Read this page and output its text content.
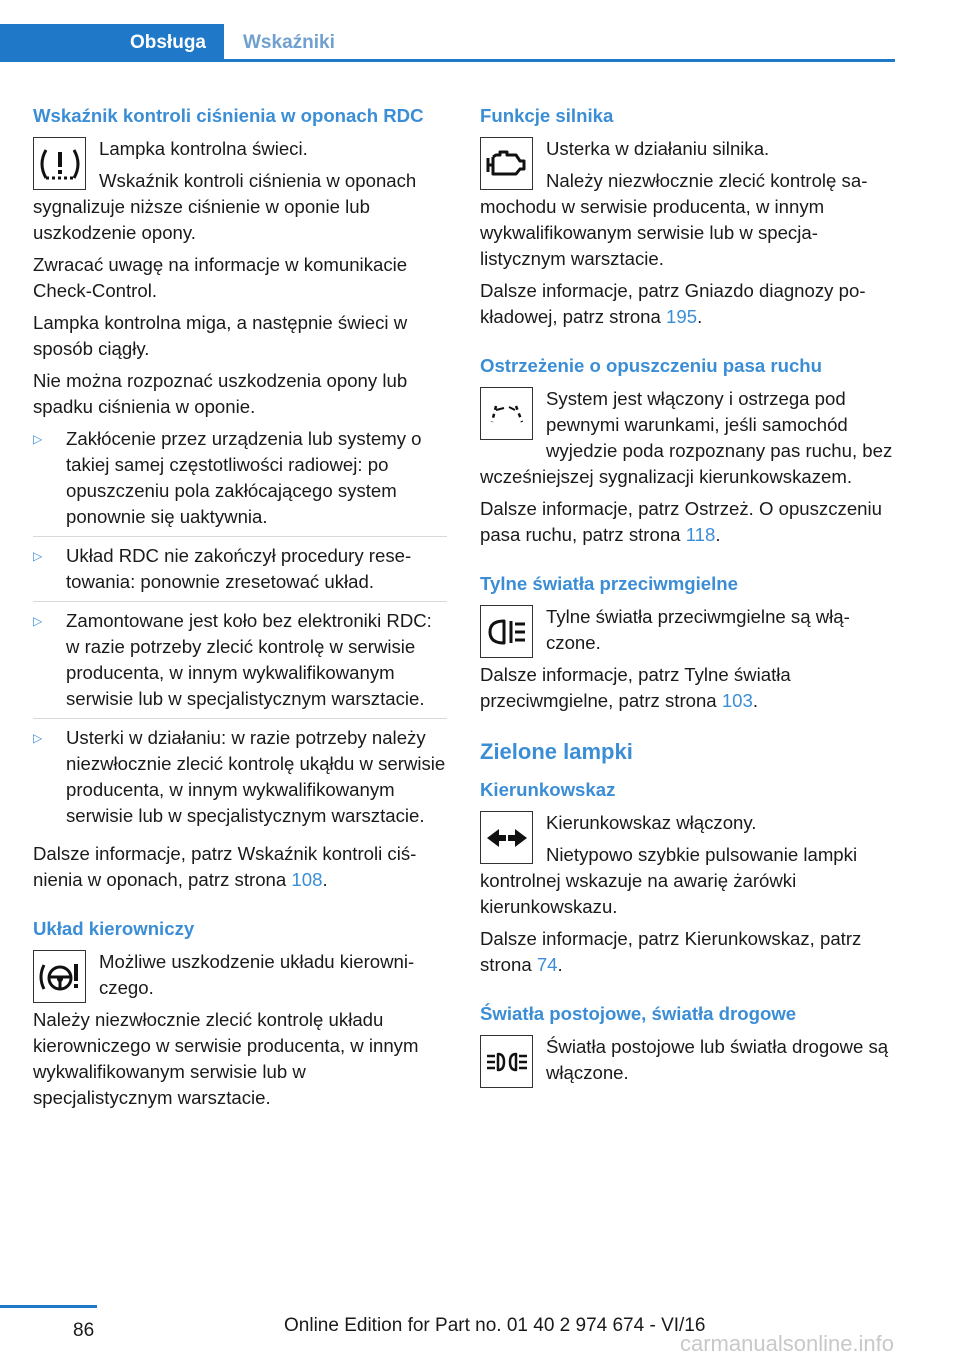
Obsługa	Wskaźniki
Wskaźnik kontroli ciśnienia w oponach RDC

Lampka kontrolna świeci.

Wskaźnik kontroli ciśnienia w oponach sygnalizuje niższe ciśnienie w oponie lub uszkodzenie opony.

Zwracać uwagę na informacje w komunikacie Check-Control.

Lampka kontrolna miga, a następnie świeci w sposób ciągły.

Nie można rozpoznać uszkodzenia opony lub spadku ciśnienia w oponie.

▷ Zakłócenie przez urządzenia lub systemy o takiej samej częstotliwości radiowej: po opuszczeniu pola zakłócającego system ponownie się uaktywnia.
▷ Układ RDC nie zakończył procedury resetowania: ponownie zresetować układ.
▷ Zamontowane jest koło bez elektroniki RDC: w razie potrzeby zlecić kontrolę w serwisie producenta, w innym wykwalifikowanym serwisie lub w specjalistycznym warsztacie.
▷ Usterki w działaniu: w razie potrzeby należy niezwłocznie zlecić kontrolę ukąłdu w serwisie producenta, w innym wykwalifikowanym serwisie lub w specjalistycznym warsztacie.

Dalsze informacje, patrz Wskaźnik kontroli ciśnienia w oponach, patrz strona 108.

Układ kierowniczy

Możliwe uszkodzenie układu kierowniczego.

Należy niezwłocznie zlecić kontrolę układu kierowniczego w serwisie producenta, w innym wykwalifikowanym serwisie lub w specjalistycznym warsztacie.

Funkcje silnika

Usterka w działaniu silnika.

Należy niezwłocznie zlecić kontrolę samochodu w serwisie producenta, w innym wykwalifikowanym serwisie lub w specjalistycznym warsztacie.

Dalsze informacje, patrz Gniazdo diagnozy pokładowej, patrz strona 195.

Ostrzeżenie o opuszczeniu pasa ruchu

System jest włączony i ostrzega pod pewnymi warunkami, jeśli samochód wyjedzie poda rozpoznany pas ruchu, bez wcześniejszej sygnalizacji kierunkowskazem.

Dalsze informacje, patrz Ostrzeż. O opuszczeniu pasa ruchu, patrz strona 118.

Tylne światła przeciwmgielne

Tylne światła przeciwmgielne są włączone.

Dalsze informacje, patrz Tylne światła przeciwmgielne, patrz strona 103.

Zielone lampki
Kierunkowskaz

Kierunkowskaz włączony.

Nietypowo szybkie pulsowanie lampki kontrolnej wskazuje na awarię żarówki kierunkowskazu.

Dalsze informacje, patrz Kierunkowskaz, patrz strona 74.

Światła postojowe, światła drogowe

Światła postojowe lub światła drogowe są włączone.

86	Online Edition for Part no. 01 40 2 974 674 - VI/16
carmanualsonline.info
